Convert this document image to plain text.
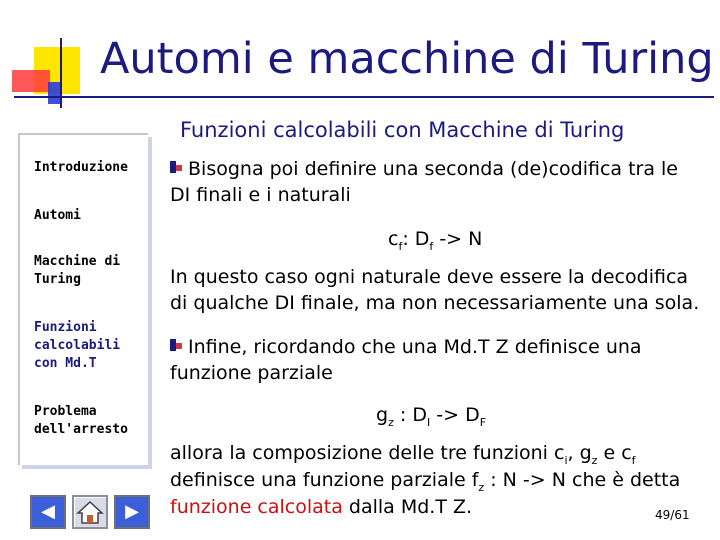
Automi e macchine di Turing
Funzioni calcolabili con Macchine di Turing
Introduzione
Automi
Macchine di Turing
Funzioni calcolabili con Md.T
Problema dell'arresto
◀	▶
Bisogna poi definire una seconda (de)codifica tra le
DI finali e i naturali
$c_f$: $D_f -> N$
In questo caso ogni naturale deve essere la decodifica
di qualche DI finale, ma non necessariamente una sola.
Infine, ricordando che una Md.T Z definisce una
funzione parziale
$g_z$ : $D_I -> D_F$
allora la composizione delle tre funzioni $c_i$, $g_z$ e $c_f$
definisce una funzione parziale $f_z$ : N -> N che è detta
funzione calcolata dalla Md.T Z.	49/61
